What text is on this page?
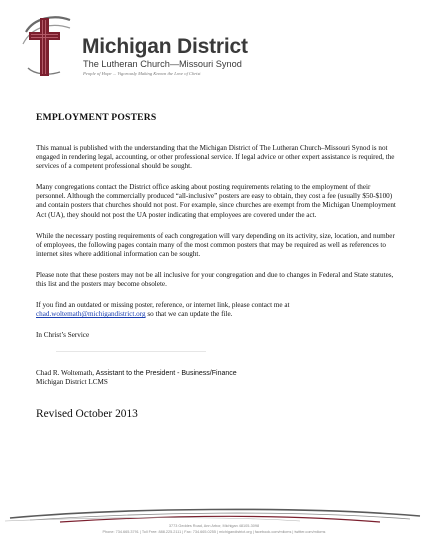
Michigan District

The Lutheran Church—Missouri Synod

People of Hope ... Vigorously Making Known the Love of Christ

EMPLOYMENT POSTERS

This manual is published with the understanding that the Michigan District of The Lutheran Church–Missouri Synod is not engaged in rendering legal, accounting, or other professional service. If legal advice or other expert assistance is required, the services of a competent professional should be sought.

Many congregations contact the District office asking about posting requirements relating to the employment of their personnel. Although the commercially produced “all-inclusive” posters are easy to obtain, they cost a fee (usually $50-$100) and contain posters that churches should not post. For example, since churches are exempt from the Michigan Unemployment Act (UA), they should not post the UA poster indicating that employees are covered under the act.

While the necessary posting requirements of each congregation will vary depending on its activity, size, location, and number of employees, the following pages contain many of the most common posters that may be required as well as references to internet sites where additional information can be sought.

Please note that these posters may not be all inclusive for your congregation and due to changes in Federal and State statutes, this list and the posters may become obsolete.

If you find an outdated or missing poster, reference, or internet link, please contact me at
chad.woltemath@michigandistrict.org so that we can update the file.

In Christ’s Service

Chad R. Woltemath, Assistant to the President - Business/Finance

Michigan District LCMS

Revised October 2013

3773 Geddes Road, Ann Arbor, Michigan 48105-3098

Phone: 734.665.3791 | Toll Free: 888.225.2111 | Fax: 734.665.0255 | michigandistrict.org | facebook.com/milcms | twitter.com/milcms
